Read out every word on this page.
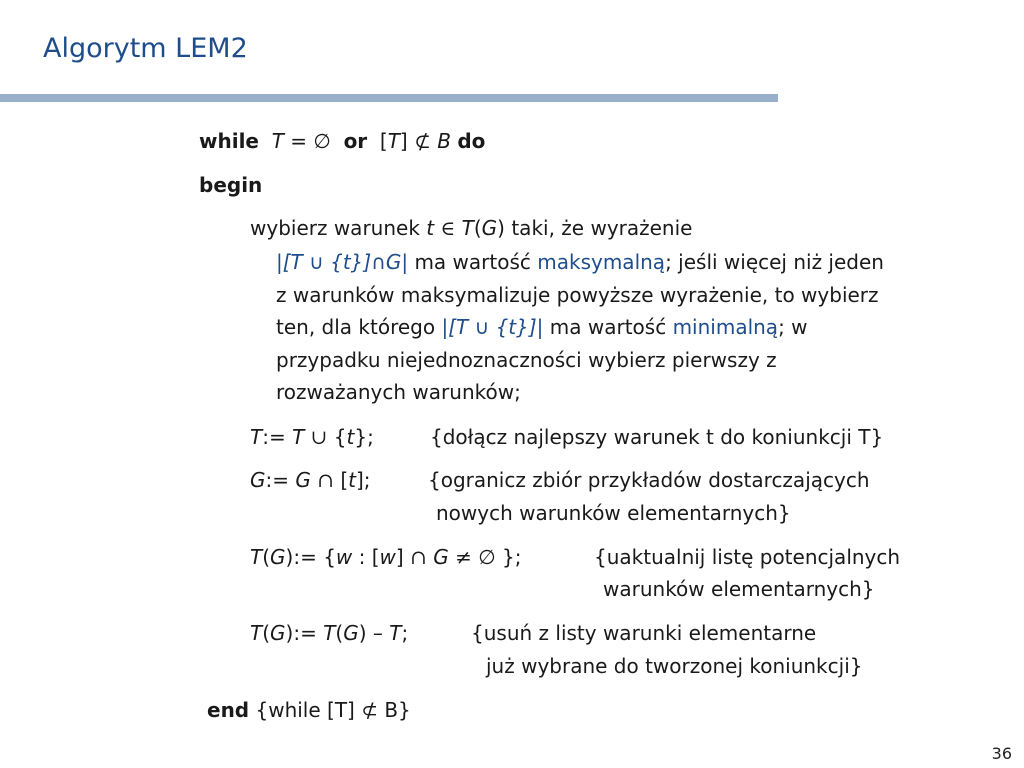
Algorytm LEM2
while T = ∅ or [T] ⊄ B do
begin
wybierz warunek t ∈ T(G) taki, że wyrażenie
|[T ∪ {t}]∩G| ma wartość maksymalną; jeśli więcej niż jeden
z warunków maksymalizuje powyższe wyrażenie, to wybierz
ten, dla którego |[T ∪ {t}]| ma wartość minimalną; w
przypadku niejednoznaczności wybierz pierwszy z
rozważanych warunków;
T:= T ∪ {t};	{dołącz najlepszy warunek t do koniunkcji T}
G:= G ∩ [t];	{ogranicz zbiór przykładów dostarczających
nowych warunków elementarnych}
T(G):= {w : [w] ∩ G ≠ ∅ };	{uaktualnij listę potencjalnych
warunków elementarnych}
T(G):= T(G) – T;	{usuń z listy warunki elementarne
już wybrane do tworzonej koniunkcji}
end {while [T] ⊄ B}
36
